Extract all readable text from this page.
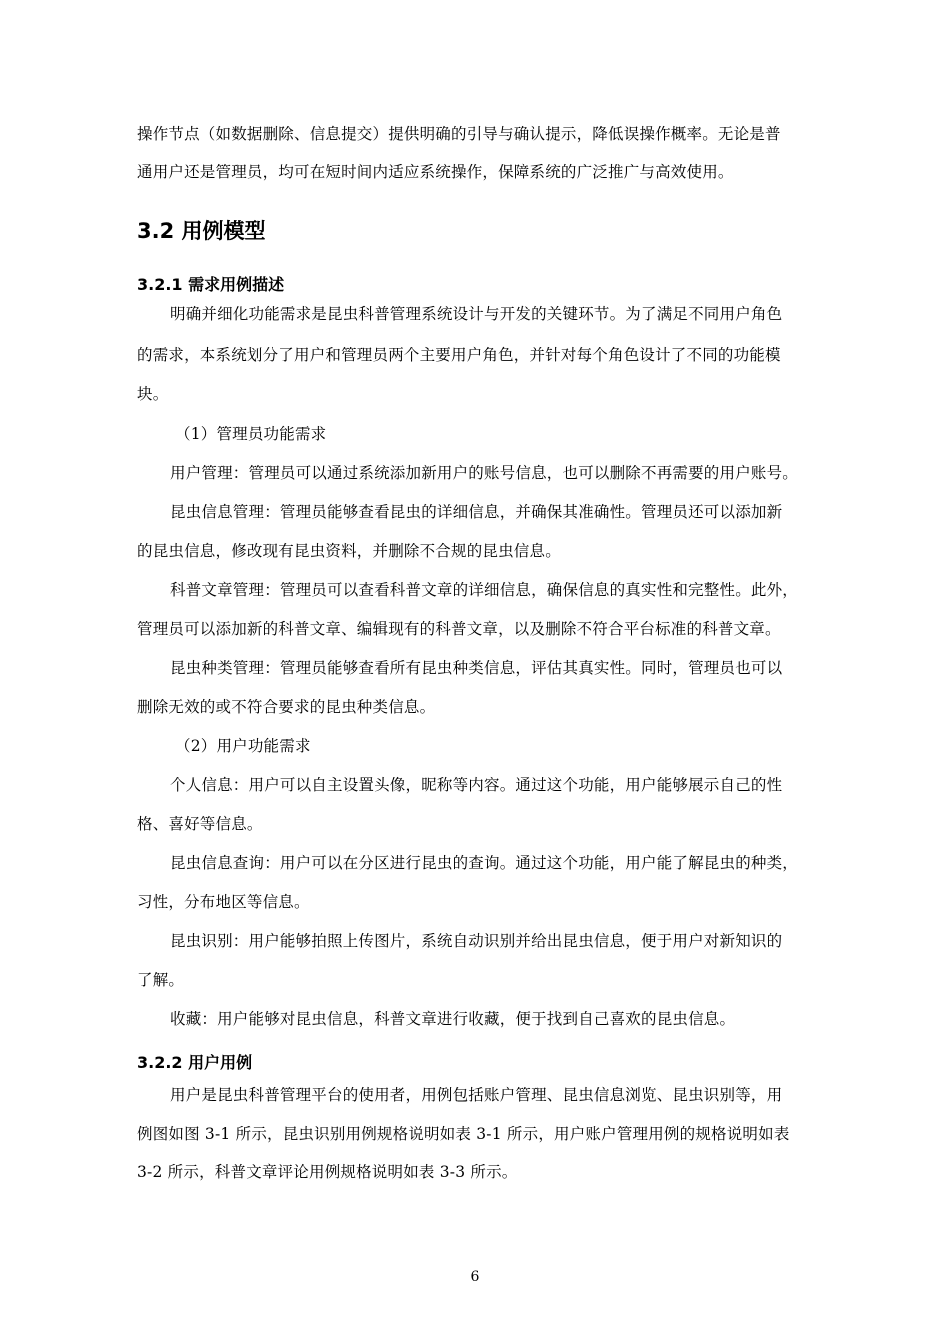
操作节点（如数据删除、信息提交）提供明确的引导与确认提示，降低误操作概率。无论是普
通用户还是管理员，均可在短时间内适应系统操作，保障系统的广泛推广与高效使用。
3.2 用例模型
3.2.1 需求用例描述
明确并细化功能需求是昆虫科普管理系统设计与开发的关键环节。为了满足不同用户角色
的需求，本系统划分了用户和管理员两个主要用户角色，并针对每个角色设计了不同的功能模
块。
（1）管理员功能需求
用户管理：管理员可以通过系统添加新用户的账号信息，也可以删除不再需要的用户账号。
昆虫信息管理：管理员能够查看昆虫的详细信息，并确保其准确性。管理员还可以添加新
的昆虫信息，修改现有昆虫资料，并删除不合规的昆虫信息。
科普文章管理：管理员可以查看科普文章的详细信息，确保信息的真实性和完整性。此外，
管理员可以添加新的科普文章、编辑现有的科普文章，以及删除不符合平台标准的科普文章。
昆虫种类管理：管理员能够查看所有昆虫种类信息，评估其真实性。同时，管理员也可以
删除无效的或不符合要求的昆虫种类信息。
（2）用户功能需求
个人信息：用户可以自主设置头像，昵称等内容。通过这个功能，用户能够展示自己的性
格、喜好等信息。
昆虫信息查询：用户可以在分区进行昆虫的查询。通过这个功能，用户能了解昆虫的种类，
习性，分布地区等信息。
昆虫识别：用户能够拍照上传图片，系统自动识别并给出昆虫信息，便于用户对新知识的
了解。
收藏：用户能够对昆虫信息，科普文章进行收藏，便于找到自己喜欢的昆虫信息。
3.2.2 用户用例
用户是昆虫科普管理平台的使用者，用例包括账户管理、昆虫信息浏览、昆虫识别等，用
例图如图 3-1 所示，昆虫识别用例规格说明如表 3-1 所示，用户账户管理用例的规格说明如表
3-2 所示，科普文章评论用例规格说明如表 3-3 所示。
6
